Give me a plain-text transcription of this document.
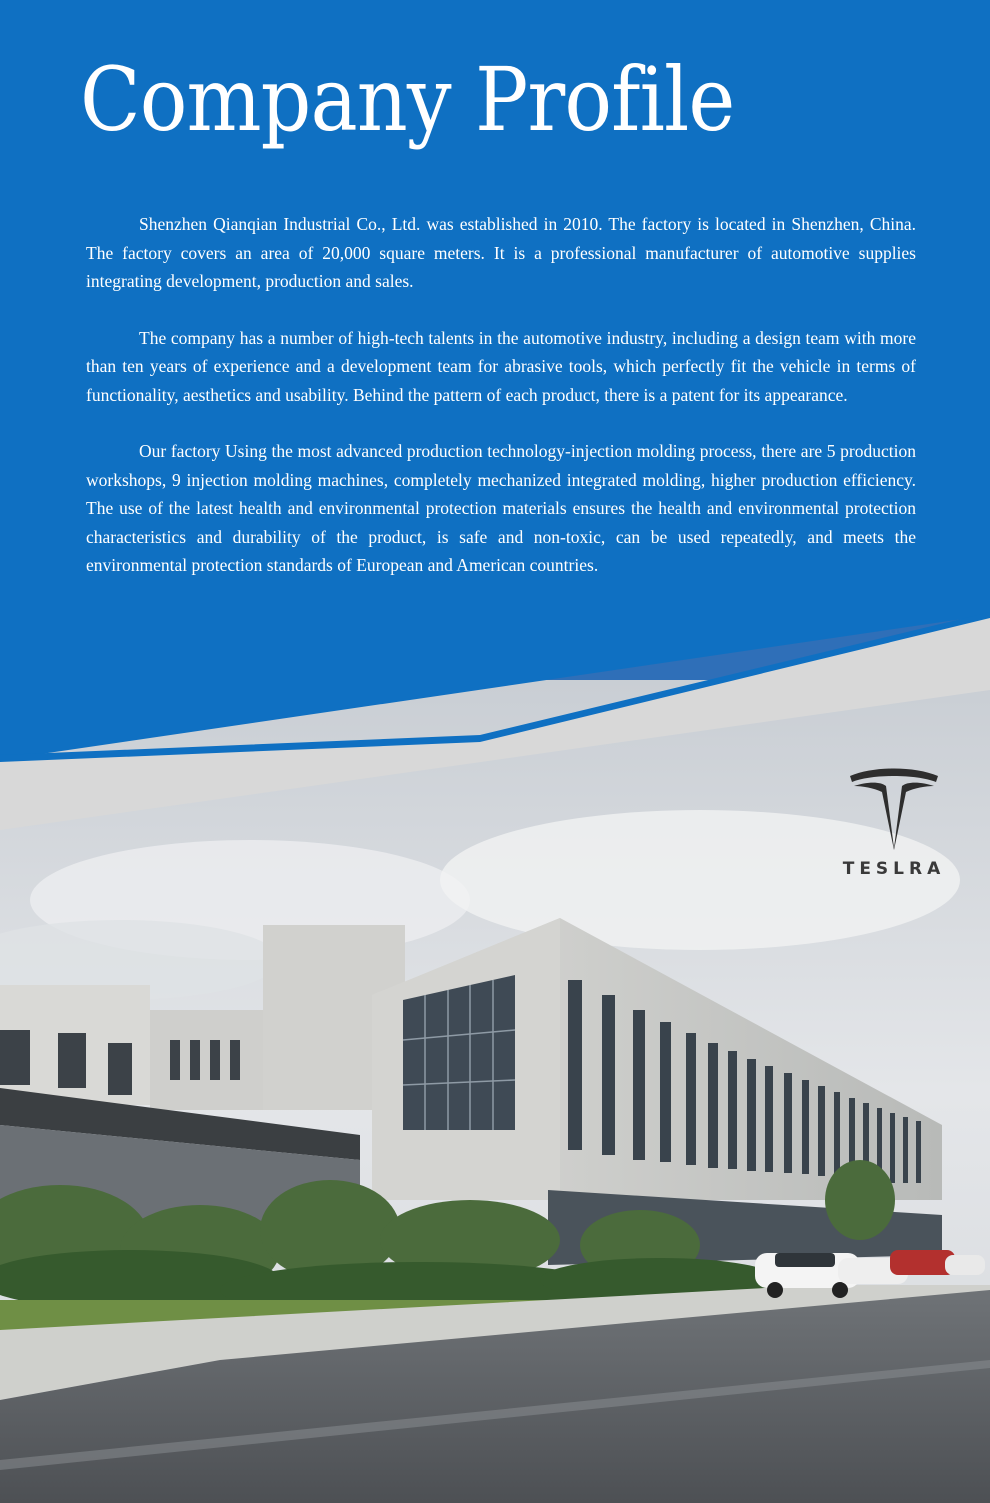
Company Profile

Shenzhen Qianqian Industrial Co., Ltd. was established in 2010. The factory is located in Shenzhen, China. The factory covers an area of 20,000 square meters. It is a professional manufacturer of automotive supplies integrating development, production and sales.

The company has a number of high-tech talents in the automotive industry, including a design team with more than ten years of experience and a development team for abrasive tools, which perfectly fit the vehicle in terms of functionality, aesthetics and usability. Behind the pattern of each product, there is a patent for its appearance.

Our factory Using the most advanced production technology-injection molding process, there are 5 production workshops, 9 injection molding machines, completely mechanized integrated molding, higher production efficiency. The use of the latest health and environmental protection materials ensures the health and environmental protection characteristics and durability of the product, is safe and non-toxic, can be used repeatedly, and meets the environmental protection standards of European and American countries.

TESLRA
